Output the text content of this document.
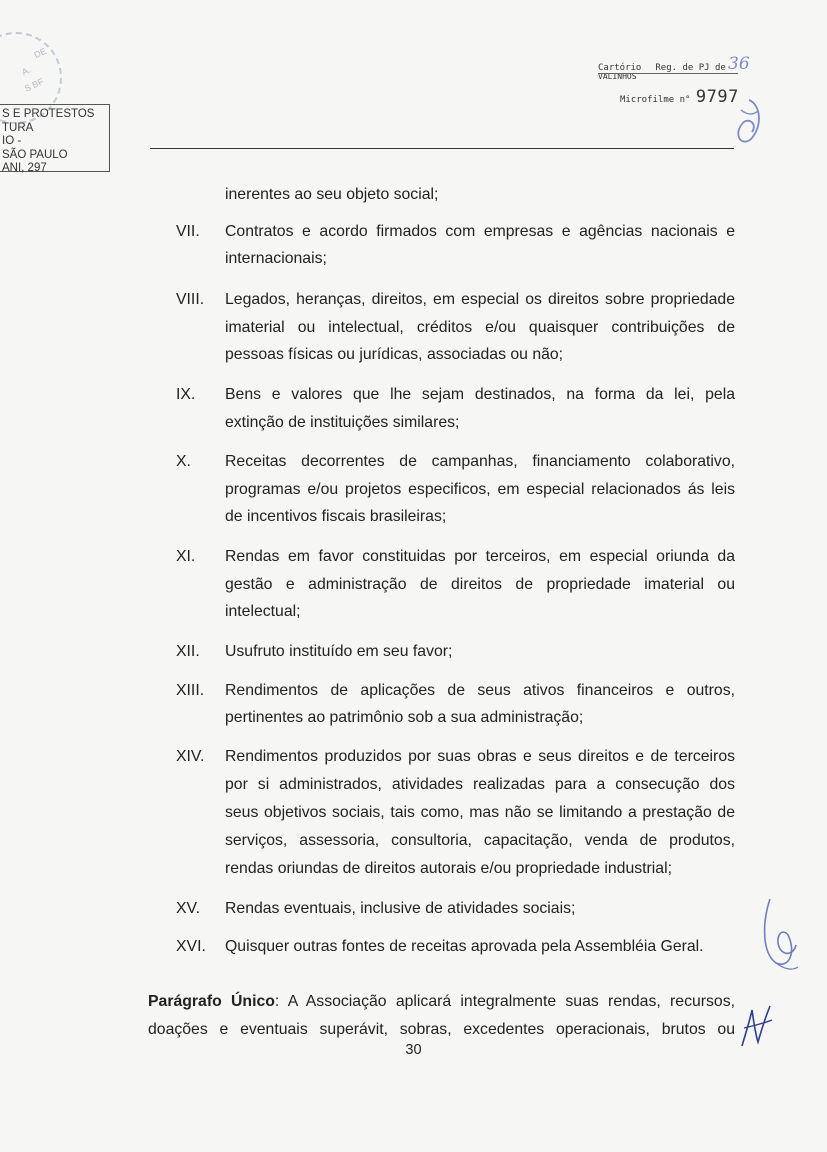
DE
A.
S BF
S E PROTESTOS
TURA
IO -
SÃO PAULO
ANI, 297
Cartório Reg. de PJ de
VALINHOS
36
Microfilme n° 9797
inerentes ao seu objeto social;
VII. Contratos e acordo firmados com empresas e agências nacionais e
internacionais;
VIII. Legados, heranças, direitos, em especial os direitos sobre propriedade
imaterial ou intelectual, créditos e/ou quaisquer contribuições de
pessoas físicas ou jurídicas, associadas ou não;
IX. Bens e valores que lhe sejam destinados, na forma da lei, pela
extinção de instituições similares;
X. Receitas decorrentes de campanhas, financiamento colaborativo,
programas e/ou projetos especificos, em especial relacionados ás leis
de incentivos fiscais brasileiras;
XI. Rendas em favor constituidas por terceiros, em especial oriunda da
gestão e administração de direitos de propriedade imaterial ou
intelectual;
XII. Usufruto instituído em seu favor;
XIII. Rendimentos de aplicações de seus ativos financeiros e outros,
pertinentes ao patrimônio sob a sua administração;
XIV. Rendimentos produzidos por suas obras e seus direitos e de terceiros
por si administrados, atividades realizadas para a consecução dos
seus objetivos sociais, tais como, mas não se limitando a prestação de
serviços, assessoria, consultoria, capacitação, venda de produtos,
rendas oriundas de direitos autorais e/ou propriedade industrial;
XV. Rendas eventuais, inclusive de atividades sociais;
XVI. Quisquer outras fontes de receitas aprovada pela Assembléia Geral.
Parágrafo Único: A Associação aplicará integralmente suas rendas, recursos,
doações e eventuais superávit, sobras, excedentes operacionais, brutos ou
30
